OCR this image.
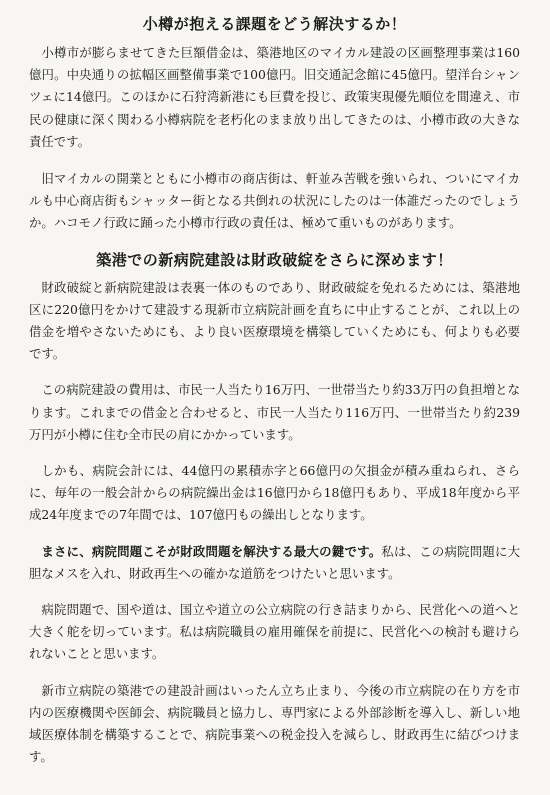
小樽が抱える課題をどう解決するか！

小樽市が膨らませてきた巨額借金は、築港地区のマイカル建設の区画整理事業は160億円。中央通りの拡幅区画整備事業で100億円。旧交通記念館に45億円。望洋台シャンツェに14億円。このほかに石狩湾新港にも巨費を投じ、政策実現優先順位を間違え、市民の健康に深く関わる小樽病院を老朽化のまま放り出してきたのは、小樽市政の大きな責任です。

旧マイカルの開業とともに小樽市の商店街は、軒並み苦戦を強いられ、ついにマイカルも中心商店街もシャッター街となる共倒れの状況にしたのは一体誰だったのでしょうか。ハコモノ行政に踊った小樽市行政の責任は、極めて重いものがあります。

築港での新病院建設は財政破綻をさらに深めます！

財政破綻と新病院建設は表裏一体のものであり、財政破綻を免れるためには、築港地区に220億円をかけて建設する現新市立病院計画を直ちに中止することが、これ以上の借金を増やさないためにも、より良い医療環境を構築していくためにも、何よりも必要です。

この病院建設の費用は、市民一人当たり16万円、一世帯当たり約33万円の負担増となります。これまでの借金と合わせると、市民一人当たり116万円、一世帯当たり約239万円が小樽に住む全市民の肩にかかっています。

しかも、病院会計には、44億円の累積赤字と66億円の欠損金が積み重ねられ、さらに、毎年の一般会計からの病院繰出金は16億円から18億円もあり、平成18年度から平成24年度までの7年間では、107億円もの繰出しとなります。

まさに、病院問題こそが財政問題を解決する最大の鍵です。私は、この病院問題に大胆なメスを入れ、財政再生への確かな道筋をつけたいと思います。

病院問題で、国や道は、国立や道立の公立病院の行き詰まりから、民営化への道へと大きく舵を切っています。私は病院職員の雇用確保を前提に、民営化への検討も避けられないことと思います。

新市立病院の築港での建設計画はいったん立ち止まり、今後の市立病院の在り方を市内の医療機関や医師会、病院職員と協力し、専門家による外部診断を導入し、新しい地域医療体制を構築することで、病院事業への税金投入を減らし、財政再生に結びつけます。
